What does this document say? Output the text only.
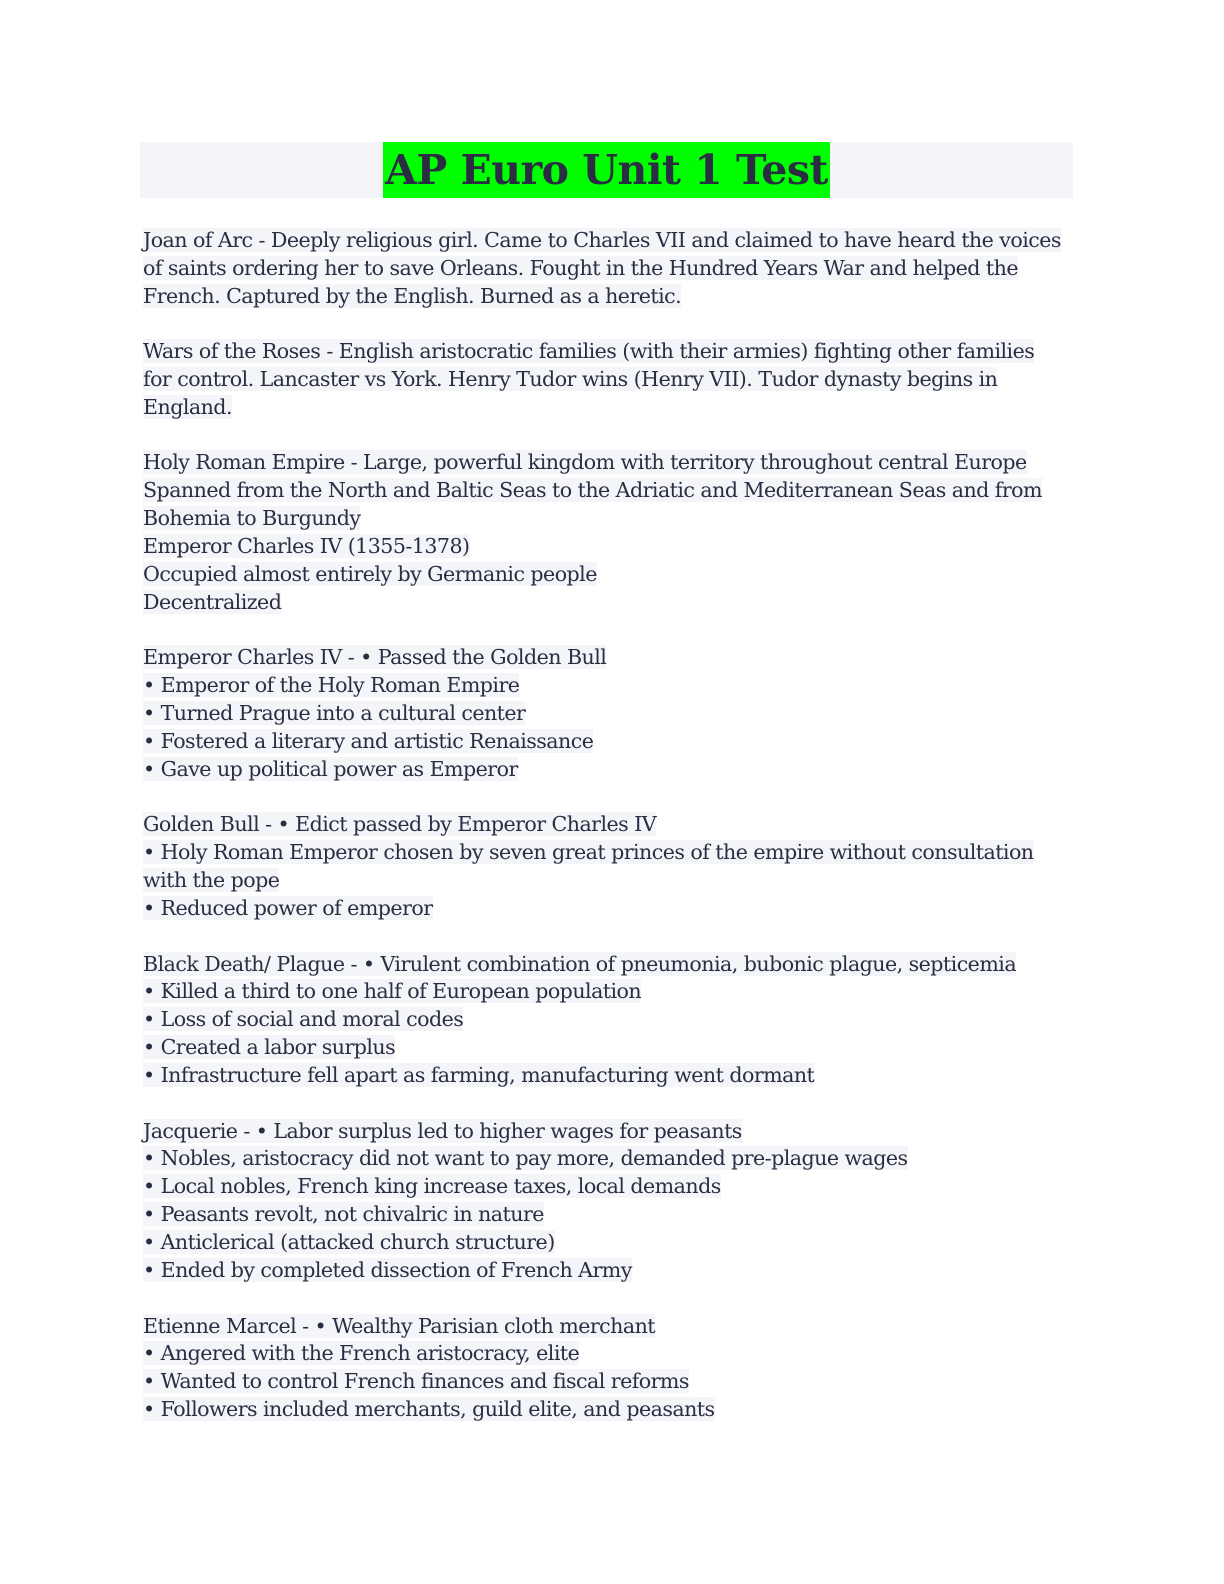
AP Euro Unit 1 Test
Joan of Arc - Deeply religious girl. Came to Charles VII and claimed to have heard the voices
of saints ordering her to save Orleans. Fought in the Hundred Years War and helped the
French. Captured by the English. Burned as a heretic.
Wars of the Roses - English aristocratic families (with their armies) fighting other families
for control. Lancaster vs York. Henry Tudor wins (Henry VII). Tudor dynasty begins in
England.
Holy Roman Empire - Large, powerful kingdom with territory throughout central Europe
Spanned from the North and Baltic Seas to the Adriatic and Mediterranean Seas and from
Bohemia to Burgundy
Emperor Charles IV (1355-1378)
Occupied almost entirely by Germanic people
Decentralized
Emperor Charles IV - • Passed the Golden Bull
• Emperor of the Holy Roman Empire
• Turned Prague into a cultural center
• Fostered a literary and artistic Renaissance
• Gave up political power as Emperor
Golden Bull - • Edict passed by Emperor Charles IV
• Holy Roman Emperor chosen by seven great princes of the empire without consultation
with the pope
• Reduced power of emperor
Black Death/ Plague - • Virulent combination of pneumonia, bubonic plague, septicemia
• Killed a third to one half of European population
• Loss of social and moral codes
• Created a labor surplus
• Infrastructure fell apart as farming, manufacturing went dormant
Jacquerie - • Labor surplus led to higher wages for peasants
• Nobles, aristocracy did not want to pay more, demanded pre-plague wages
• Local nobles, French king increase taxes, local demands
• Peasants revolt, not chivalric in nature
• Anticlerical (attacked church structure)
• Ended by completed dissection of French Army
Etienne Marcel - • Wealthy Parisian cloth merchant
• Angered with the French aristocracy, elite
• Wanted to control French finances and fiscal reforms
• Followers included merchants, guild elite, and peasants
